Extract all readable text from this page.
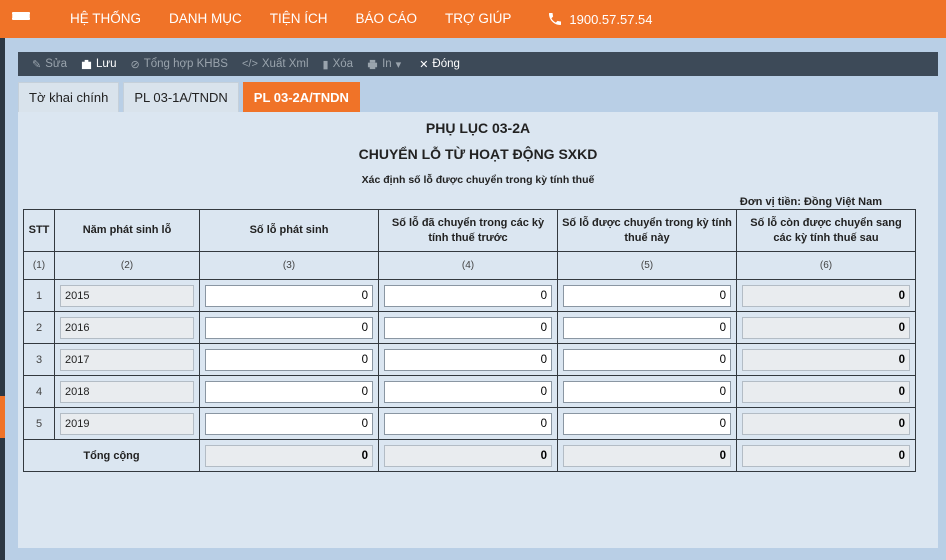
HỆ THỐNG	DANH MỤC	TIỆN ÍCH	BÁO CÁO	TRỢ GIÚP	1900.57.57.54
✎ Sửa	Lưu ⊘ Tổng hợp KHBS </> Xuất Xml ▮ Xóa	In ▾ ✕ Đóng
Tờ khai chính	PL 03-1A/TNDN	PL 03-2A/TNDN
PHỤ LỤC 03-2A
CHUYỂN LỖ TỪ HOẠT ĐỘNG SXKD
Xác định số lỗ được chuyển trong kỳ tính thuế
Đơn vị tiền: Đồng Việt Nam
STT	Năm phát sinh lỗ	Số lỗ phát sinh	Số lỗ đã chuyển trong các kỳ tính thuế trước	Số lỗ được chuyển trong kỳ tính thuế này	Số lỗ còn được chuyển sang các kỳ tính thuế sau
(1)	(2)	(3)	(4)	(5)	(6)
1	2015	0	0	0	0
2	2016	0	0	0	0
3	2017	0	0	0	0
4	2018	0	0	0	0
5	2019	0	0	0	0
Tổng cộng	0	0	0	0
